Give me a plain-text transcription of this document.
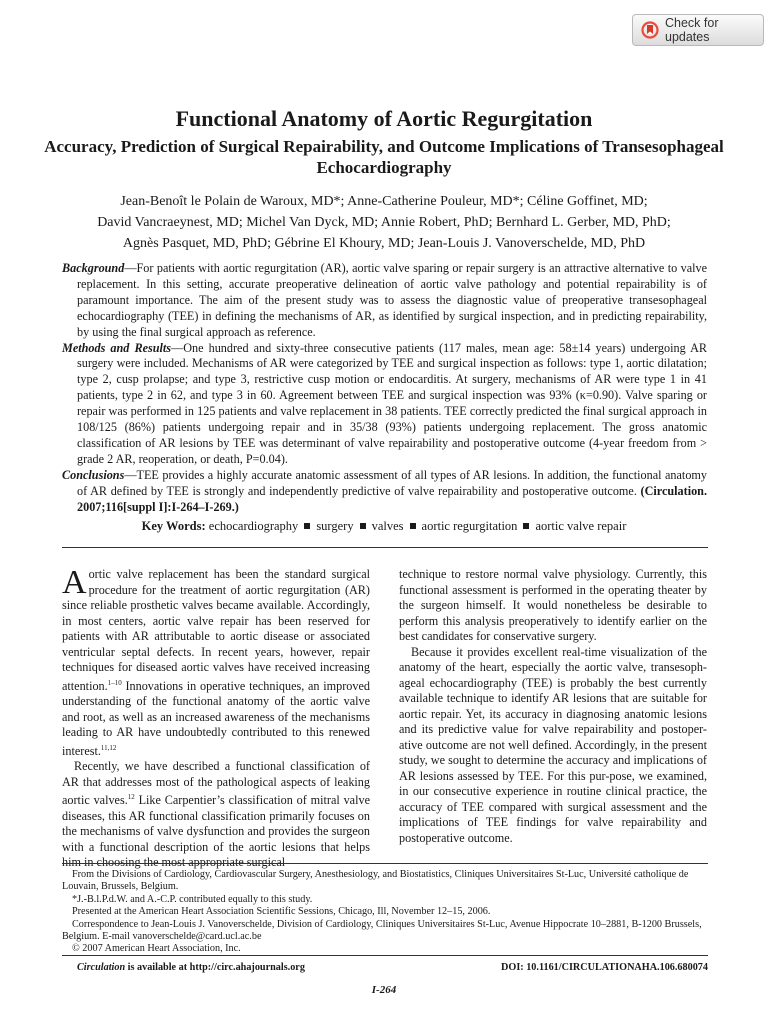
Check for updates
Functional Anatomy of Aortic Regurgitation
Accuracy, Prediction of Surgical Repairability, and Outcome Implications of Transesophageal Echocardiography
Jean-Benoît le Polain de Waroux, MD*; Anne-Catherine Pouleur, MD*; Céline Goffinet, MD;
David Vancraeynest, MD; Michel Van Dyck, MD; Annie Robert, PhD; Bernhard L. Gerber, MD, PhD;
Agnès Pasquet, MD, PhD; Gébrine El Khoury, MD; Jean-Louis J. Vanoverschelde, MD, PhD

Background—For patients with aortic regurgitation (AR), aortic valve sparing or repair surgery is an attractive alternative to valve replacement. In this setting, accurate preoperative delineation of aortic valve pathology and potential repairability is of paramount importance. The aim of the present study was to assess the diagnostic value of preoperative transesophageal echocardiography (TEE) in defining the mechanisms of AR, as identified by surgical inspection, and in predicting repairability, by using the final surgical approach as reference.

Methods and Results—One hundred and sixty-three consecutive patients (117 males, mean age: 58±14 years) undergoing AR surgery were included. Mechanisms of AR were categorized by TEE and surgical inspection as follows: type 1, aortic dilatation; type 2, cusp prolapse; and type 3, restrictive cusp motion or endocarditis. At surgery, mechanisms of AR were type 1 in 41 patients, type 2 in 62, and type 3 in 60. Agreement between TEE and surgical inspection was 93% (κ=0.90). Valve sparing or repair was performed in 125 patients and valve replacement in 38 patients. TEE correctly predicted the final surgical approach in 108/125 (86%) patients undergoing repair and in 35/38 (93%) patients undergoing replacement. The gross anatomic classification of AR lesions by TEE was determinant of valve repairability and postoperative outcome (4-year freedom from > grade 2 AR, reoperation, or death, P=0.04).

Conclusions—TEE provides a highly accurate anatomic assessment of all types of AR lesions. In addition, the functional anatomy of AR defined by TEE is strongly and independently predictive of valve repairability and postoperative outcome. (Circulation. 2007;116[suppl I]:I-264–I-269.)

Key Words: echocardiography surgery valves aortic regurgitation aortic valve repair

Aortic valve replacement has been the standard surgical procedure for the treatment of aortic regurgitation (AR) since reliable prosthetic valves became available. Accordingly, in most centers, aortic valve repair has been reserved for patients with AR attributable to aortic disease or associated ventricular septal defects. In recent years, however, repair techniques for diseased aortic valves have received increasing attention.$^{1-10}$ Innovations in operative techniques, an improved understanding of the functional anatomy of the aortic valve and root, as well as an increased awareness of the mechanisms leading to AR have undoubtedly contributed to this renewed interest.$^{11,12}$

Recently, we have described a functional classification of AR that addresses most of the pathological aspects of leaking aortic valves.$^{12}$ Like Carpentier’s classification of mitral valve diseases, this AR functional classification primarily focuses on the mechanisms of valve dysfunction and provides the surgeon with a functional description of the aortic lesions that helps

technique to restore normal valve physiology. Currently, this functional assessment is performed in the operating theater by the surgeon himself. It would nonetheless be desirable to perform this analysis preoperatively to identify earlier on the best candidates for conservative surgery.

Because it provides excellent real-time visualization of the anatomy of the heart, especially the aortic valve, transesoph-ageal echocardiography (TEE) is probably the best currently available technique to identify AR lesions that are suitable for aortic repair. Yet, its accuracy in diagnosing anatomic lesions and its predictive value for valve repairability and postoper-ative outcome are not well defined. Accordingly, in the present study, we sought to determine the accuracy and implications of AR lesions assessed by TEE. For this pur-pose, we examined, in our consecutive experience in routine clinical practice, the accuracy of TEE compared with surgical assessment and the implications of TEE findings for valve repairability and postoperative outcome.

From the Divisions of Cardiology, Cardiovascular Surgery, Anesthesiology, and Biostatistics, Cliniques Universitaires St-Luc, Université catholique de Louvain, Brussels, Belgium.

*J.-B.l.P.d.W. and A.-C.P. contributed equally to this study.

Presented at the American Heart Association Scientific Sessions, Chicago, Ill, November 12–15, 2006.

Correspondence to Jean-Louis J. Vanoverschelde, Division of Cardiology, Cliniques Universitaires St-Luc, Avenue Hippocrate 10–2881, B-1200 Brussels, Belgium. E-mail vanoverschelde@card.ucl.ac.be

© 2007 American Heart Association, Inc.

Circulation is available at http://circ.ahajournals.org	DOI: 10.1161/CIRCULATIONAHA.106.680074
I-264
